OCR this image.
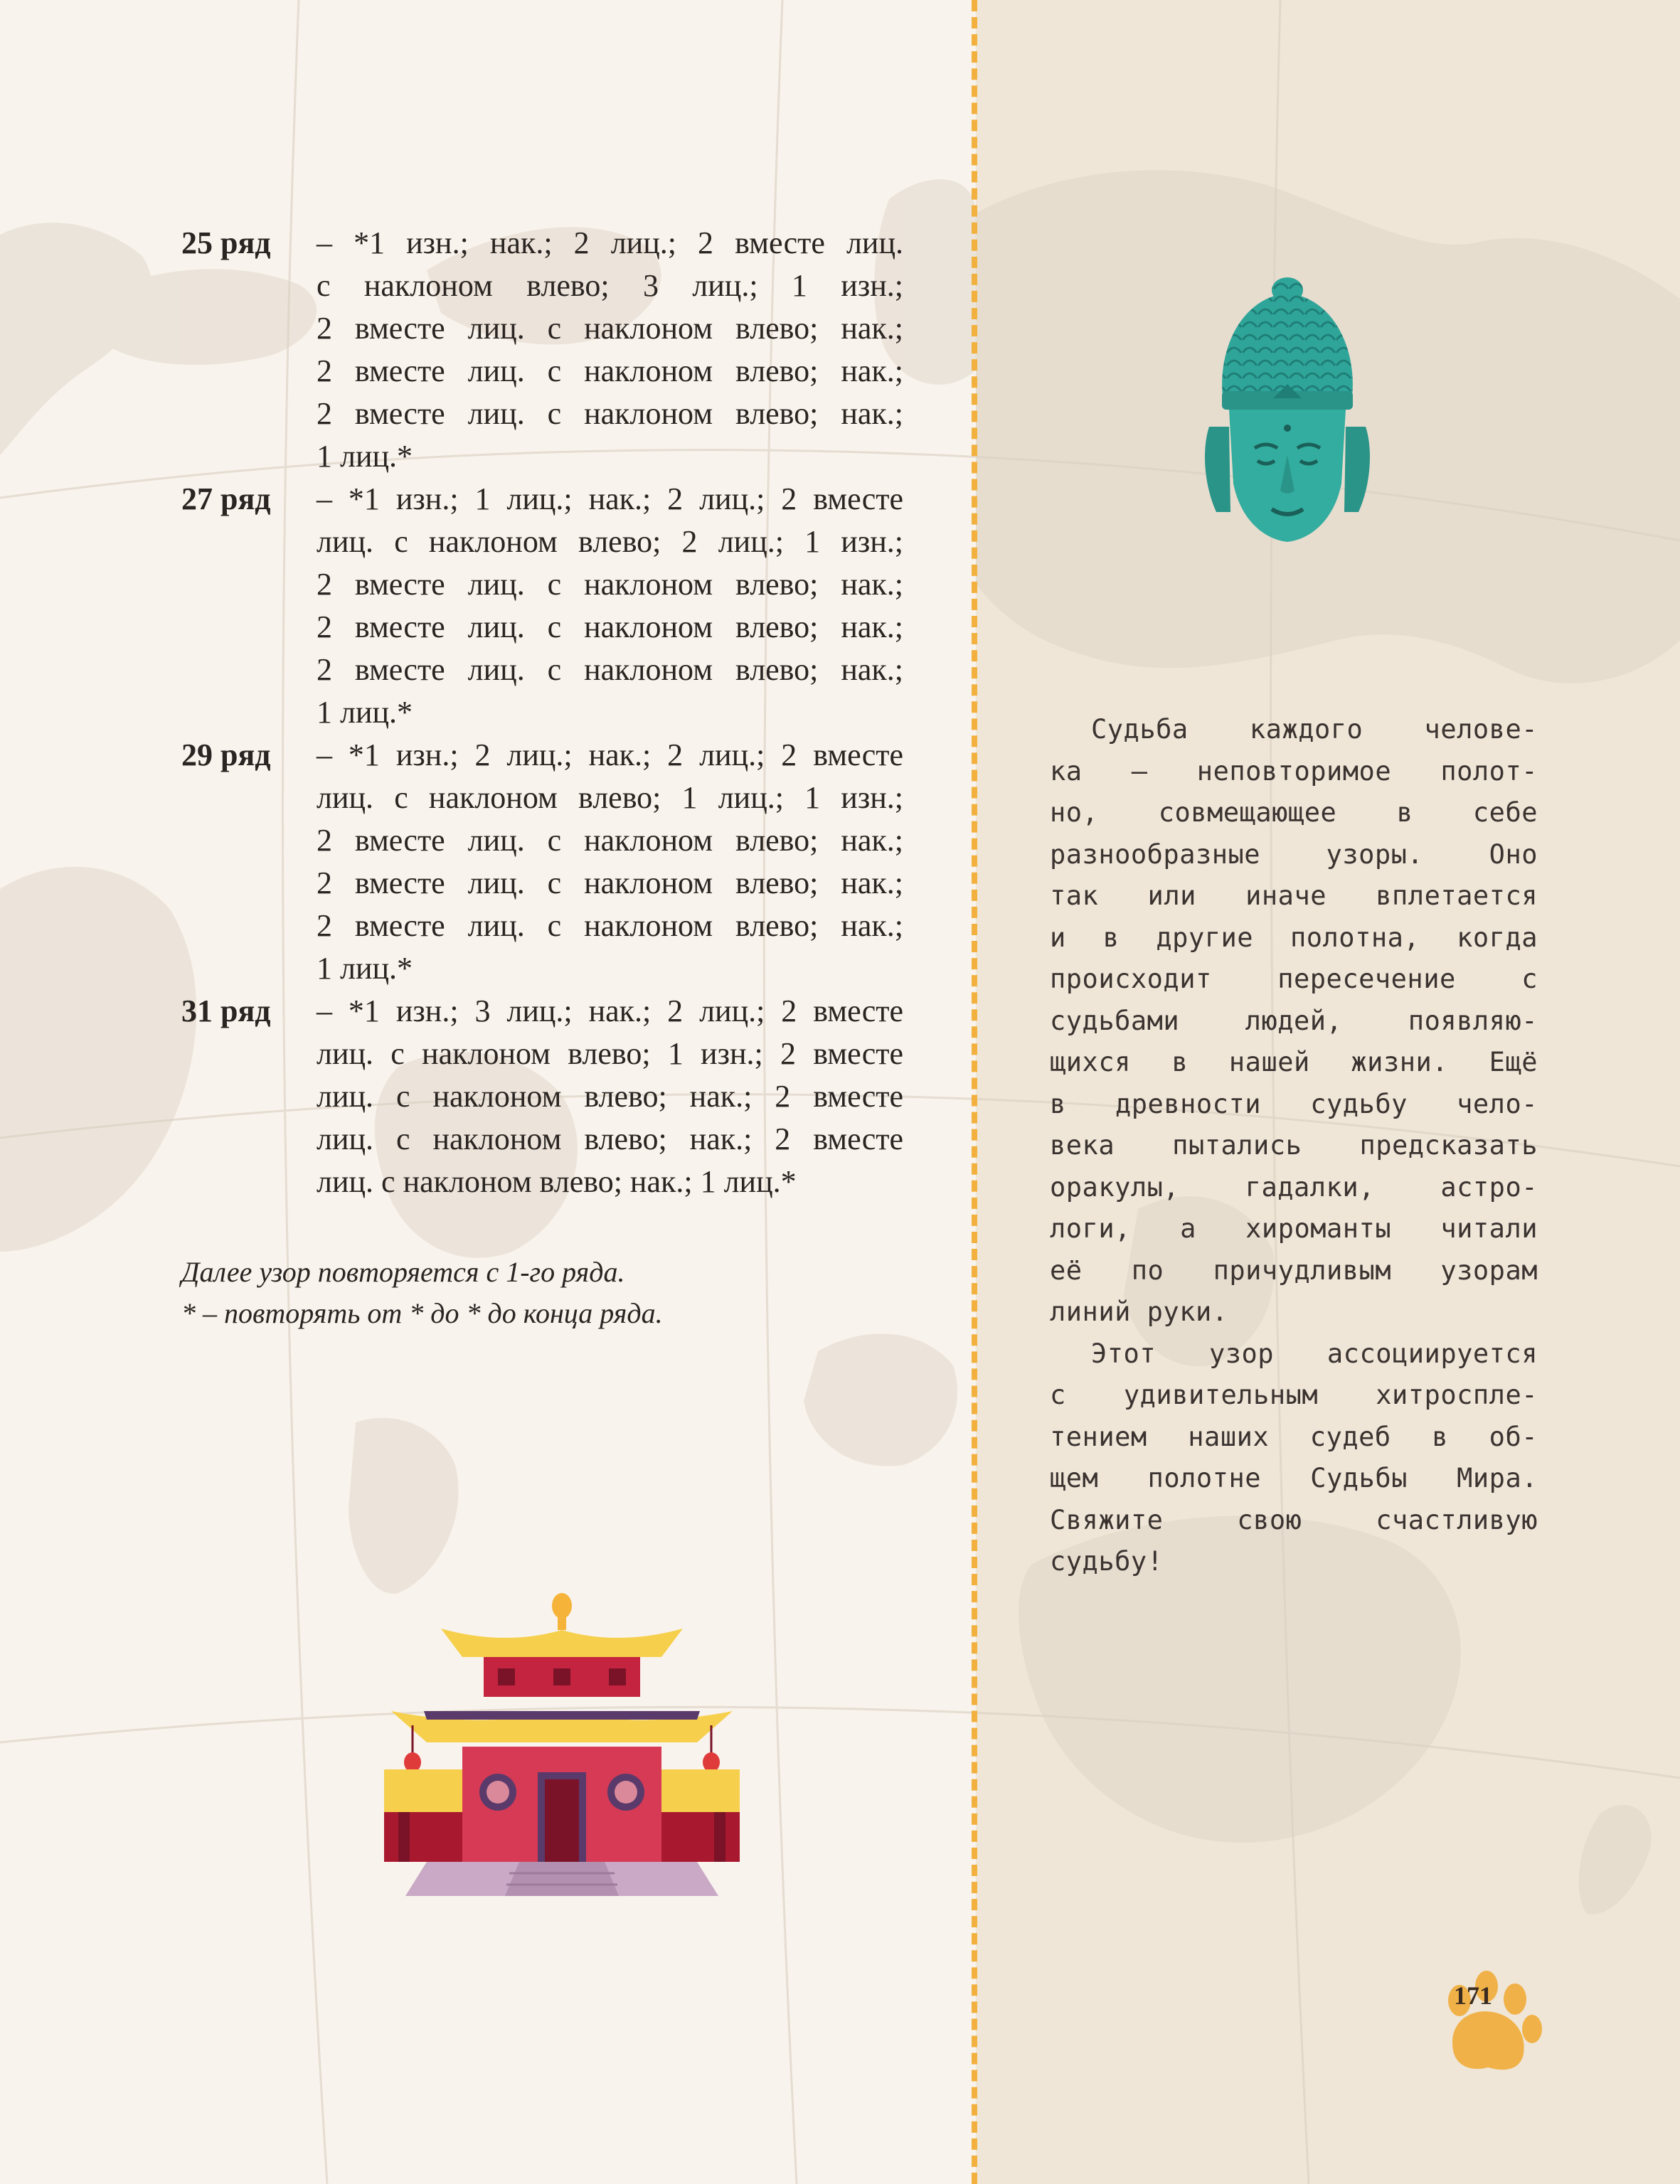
25 ряд – *1 изн.; нак.; 2 лиц.; 2 вместе лиц.
с наклоном влево; 3 лиц.; 1 изн.;
2 вместе лиц. с наклоном влево; нак.;
2 вместе лиц. с наклоном влево; нак.;
2 вместе лиц. с наклоном влево; нак.;
1 лиц.*
27 ряд – *1 изн.; 1 лиц.; нак.; 2 лиц.; 2 вместе
лиц. с наклоном влево; 2 лиц.; 1 изн.;
2 вместе лиц. с наклоном влево; нак.;
2 вместе лиц. с наклоном влево; нак.;
2 вместе лиц. с наклоном влево; нак.;
1 лиц.*
29 ряд – *1 изн.; 2 лиц.; нак.; 2 лиц.; 2 вместе
лиц. с наклоном влево; 1 лиц.; 1 изн.;
2 вместе лиц. с наклоном влево; нак.;
2 вместе лиц. с наклоном влево; нак.;
2 вместе лиц. с наклоном влево; нак.;
1 лиц.*
31 ряд – *1 изн.; 3 лиц.; нак.; 2 лиц.; 2 вместе
лиц. с наклоном влево; 1 изн.; 2 вместе
лиц. с наклоном влево; нак.; 2 вместе
лиц. с наклоном влево; нак.; 2 вместе
лиц. с наклоном влево; нак.; 1 лиц.*
Далее узор повторяется с 1-го ряда.
* – повторять от * до * до конца ряда.
Судьба каждого челове-
ка – неповторимое полот-
но, совмещающее в себе
разнообразные узоры. Оно
так или иначе вплетается
и в другие полотна, когда
происходит пересечение с
судьбами людей, появляю-
щихся в нашей жизни. Ещё
в древности судьбу чело-
века пытались предсказать
оракулы, гадалки, астро-
логи, а хироманты читали
её по причудливым узорам
линий руки.
Этот узор ассоциируется
с удивительным хитроспле-
тением наших судеб в об-
щем полотне Судьбы Мира.
Свяжите свою счастливую
судьбу!
171
